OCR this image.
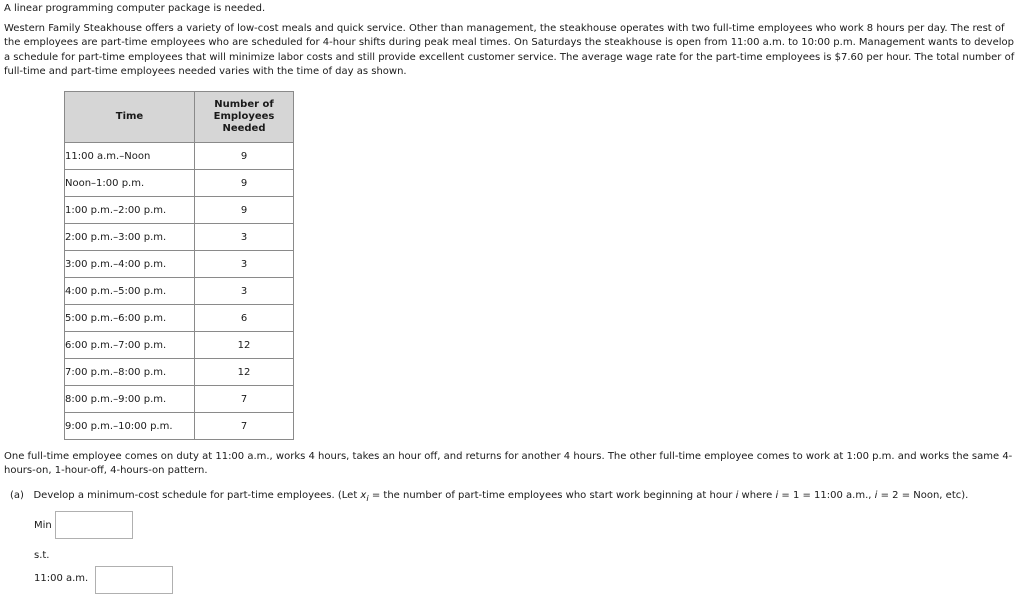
A linear programming computer package is needed.

Western Family Steakhouse offers a variety of low-cost meals and quick service. Other than management, the steakhouse operates with two full-time employees who work 8 hours per day. The rest of the employees are part-time employees who are scheduled for 4-hour shifts during peak meal times. On Saturdays the steakhouse is open from 11:00 a.m. to 10:00 p.m. Management wants to develop a schedule for part-time employees that will minimize labor costs and still provide excellent customer service. The average wage rate for the part-time employees is $7.60 per hour. The total number of full-time and part-time employees needed varies with the time of day as shown.

Time	Number of Employees Needed
11:00 a.m.–Noon	9
Noon–1:00 p.m.	9
1:00 p.m.–2:00 p.m.	9
2:00 p.m.–3:00 p.m.	3
3:00 p.m.–4:00 p.m.	3
4:00 p.m.–5:00 p.m.	3
5:00 p.m.–6:00 p.m.	6
6:00 p.m.–7:00 p.m.	12
7:00 p.m.–8:00 p.m.	12
8:00 p.m.–9:00 p.m.	7
9:00 p.m.–10:00 p.m.	7

One full-time employee comes on duty at 11:00 a.m., works 4 hours, takes an hour off, and returns for another 4 hours. The other full-time employee comes to work at 1:00 p.m. and works the same 4-hours-on, 1-hour-off, 4-hours-on pattern.

(a) Develop a minimum-cost schedule for part-time employees. (Let $x_i$ = the number of part-time employees who start work beginning at hour i where i = 1 = 11:00 a.m., i = 2 = Noon, etc).

Min
s.t.
11:00 a.m.
